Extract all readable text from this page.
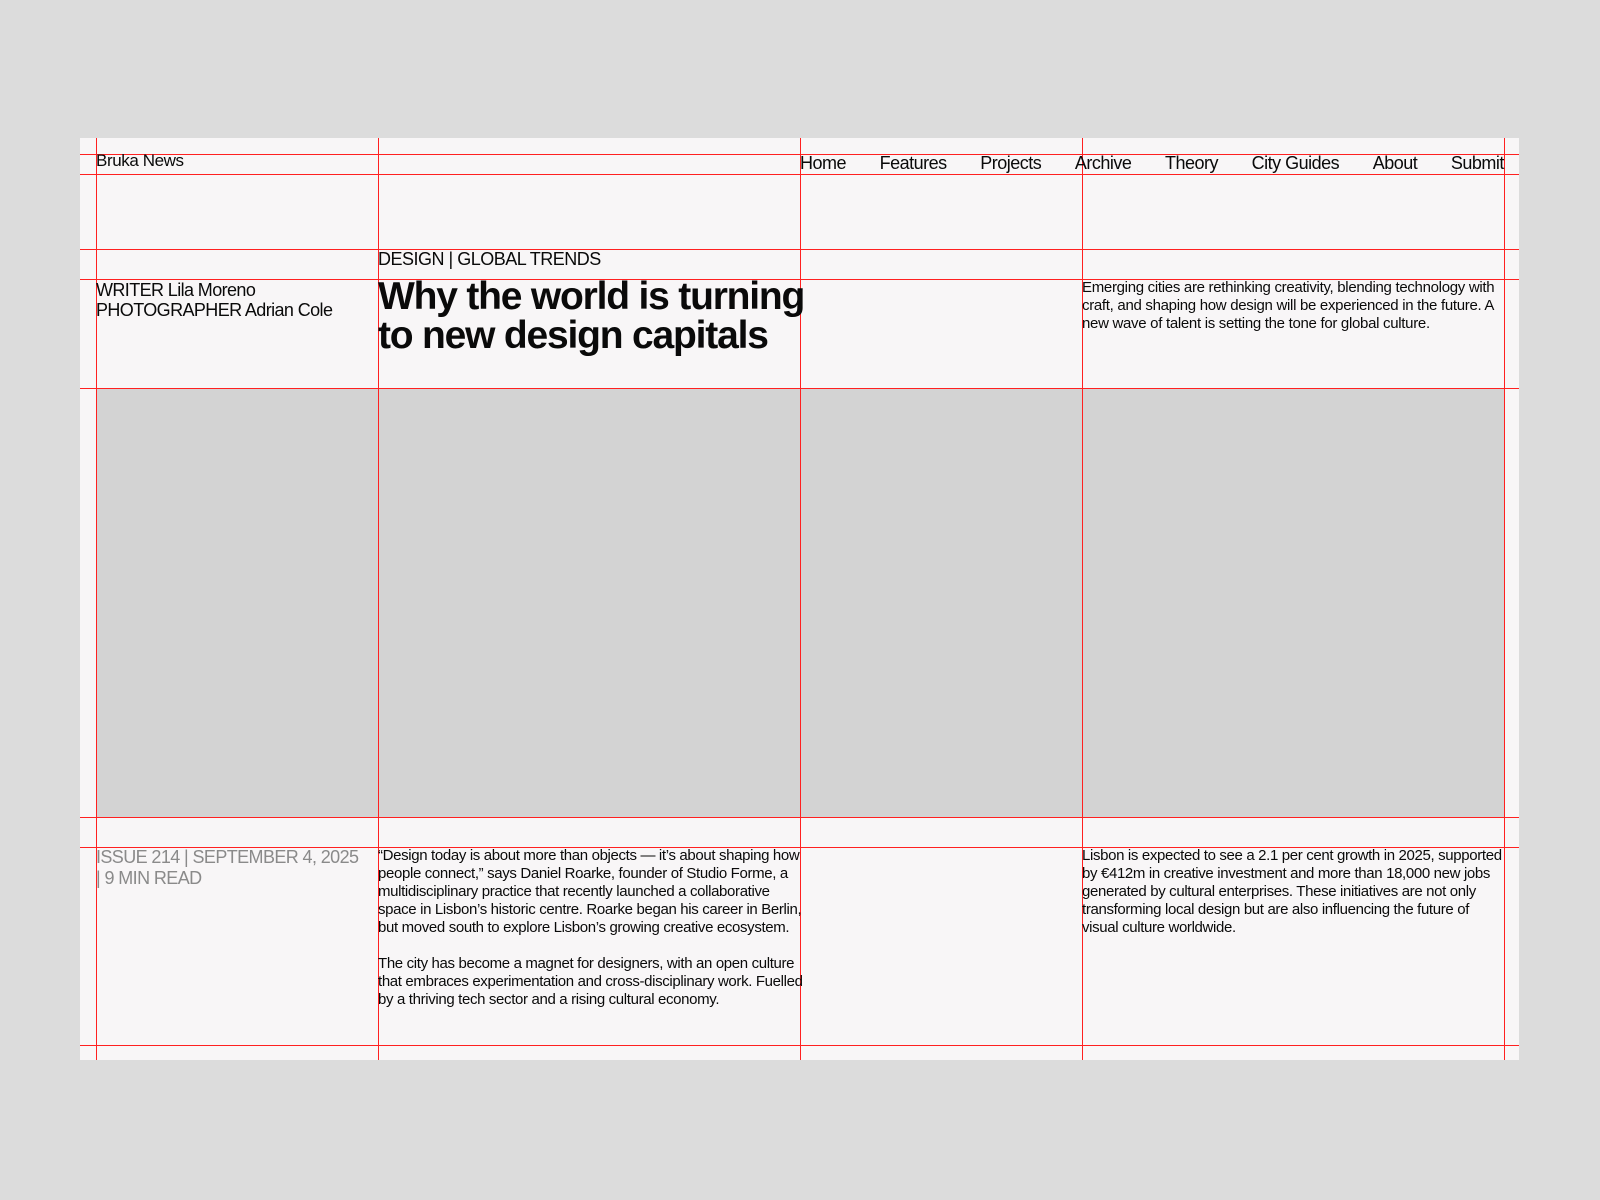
Bruka News	Home Features Projects Archive Theory City Guides About Submit
DESIGN | GLOBAL TRENDS
WRITER Lila Moreno
PHOTOGRAPHER Adrian Cole Why the world is turning to new design capitals

Emerging cities are rethinking creativity, blending technology with craft, and shaping how design will be experienced in the future. A new wave of talent is setting the tone for global culture.

ISSUE 214 | SEPTEMBER 4, 2025 | 9 MIN READ

“Design today is about more than objects — it’s about shaping how people connect,” says Daniel Roarke, founder of Studio Forme, a multidisciplinary practice that recently launched a collaborative space in Lisbon’s historic centre. Roarke began his career in Berlin, but moved south to explore Lisbon’s growing creative ecosystem.

The city has become a magnet for designers, with an open culture that embraces experimentation and cross-disciplinary work. Fuelled by a thriving tech sector and a rising cultural economy.

Lisbon is expected to see a 2.1 per cent growth in 2025, supported by €412m in creative investment and more than 18,000 new jobs generated by cultural enterprises. These initiatives are not only transforming local design but are also influencing the future of visual culture worldwide.
